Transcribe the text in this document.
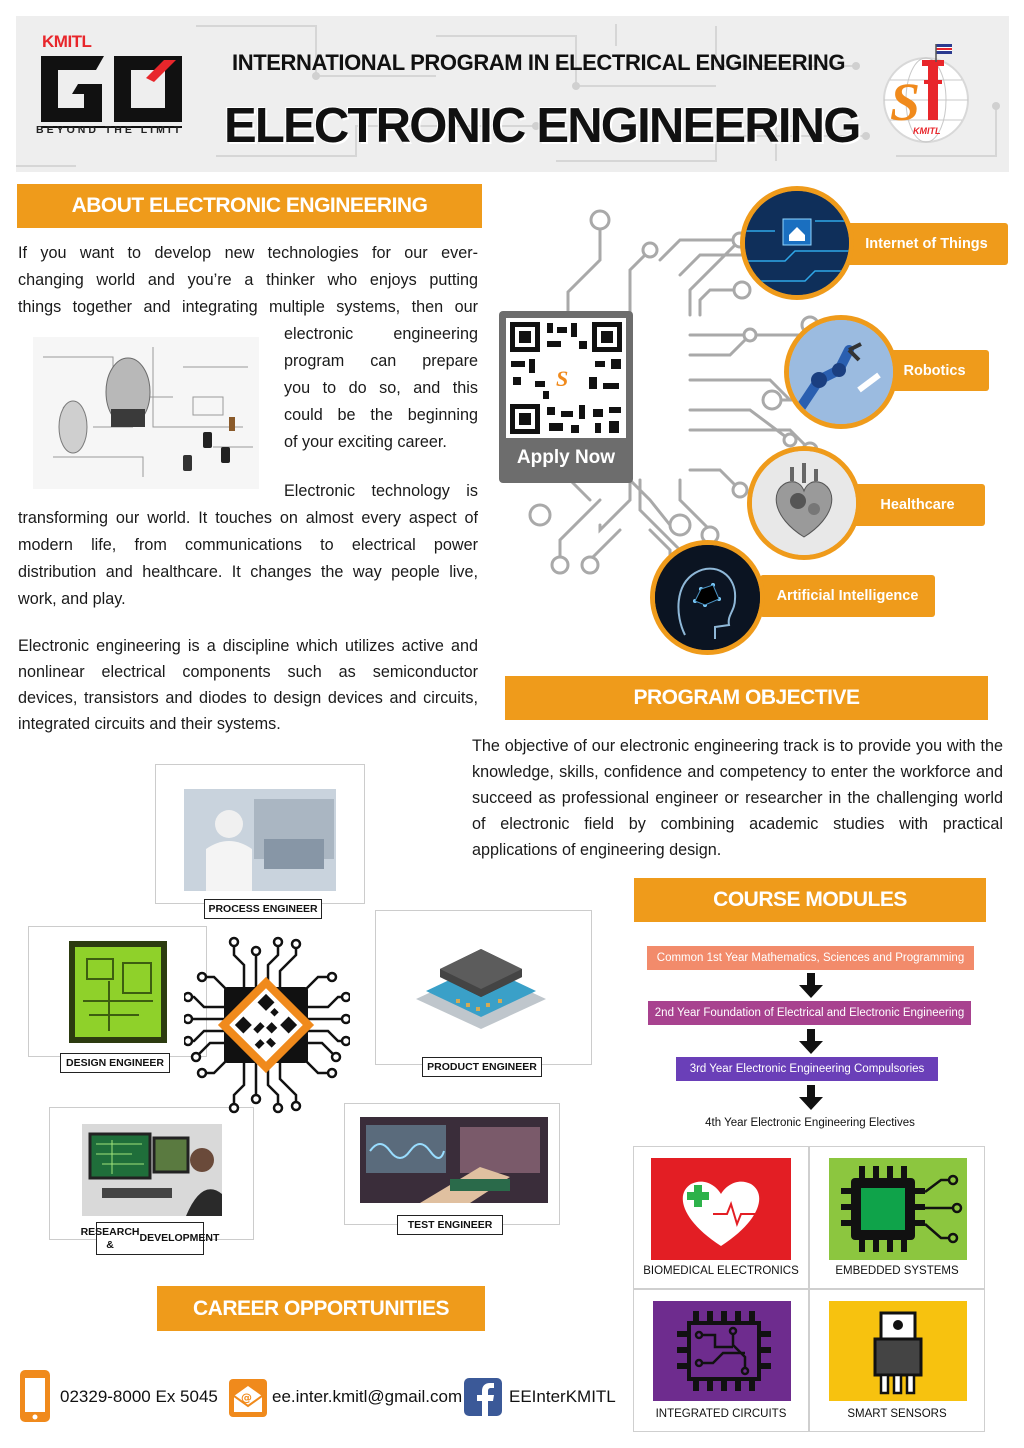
KMITL
BEYOND THE LIMIT
INTERNATIONAL PROGRAM IN ELECTRICAL ENGINEERING
ELECTRONIC ENGINEERING S
KMITL
ABOUT ELECTRONIC ENGINEERING
If you want to develop new technologies for our ever-
changing world and you’re a thinker who enjoys putting
things together and integrating multiple systems, then our
electronic engineering
program can prepare
you to do so, and this
could be the beginning
of your exciting career.
Electronic technology is
transforming our world. It touches on almost every aspect of modern life, from communications to electrical power distribution and healthcare. It changes the way people live, work, and play.
Electronic engineering is a discipline which utilizes active and nonlinear electrical components such as semiconductor devices, transistors and diodes to design devices and circuits, integrated circuits and their systems.
S
Apply Now
Internet of Things
Robotics
Healthcare
Artificial Intelligence
PROGRAM OBJECTIVE
The objective of our electronic engineering track is to provide you with the knowledge, skills, confidence and competency to enter the workforce and succeed as professional engineer or researcher in the challenging world of electronic field by combining academic studies with practical applications of engineering design.
PROCESS ENGINEER
DESIGN ENGINEER	PRODUCT ENGINEER
RESEARCH &

DEVELOPMENT
TEST ENGINEER
CAREER OPPORTUNITIES
COURSE MODULES
Common 1st Year Mathematics, Sciences and Programming
2nd Year Foundation of Electrical and Electronic Engineering
3rd Year Electronic Engineering Compulsories
4th Year Electronic Engineering Electives
BIOMEDICAL ELECTRONICS	EMBEDDED SYSTEMS
INTEGRATED CIRCUITS	SMART SENSORS
02329-8000 Ex 5045 @ ee.inter.kmitl@gmail.com	EEInterKMITL
